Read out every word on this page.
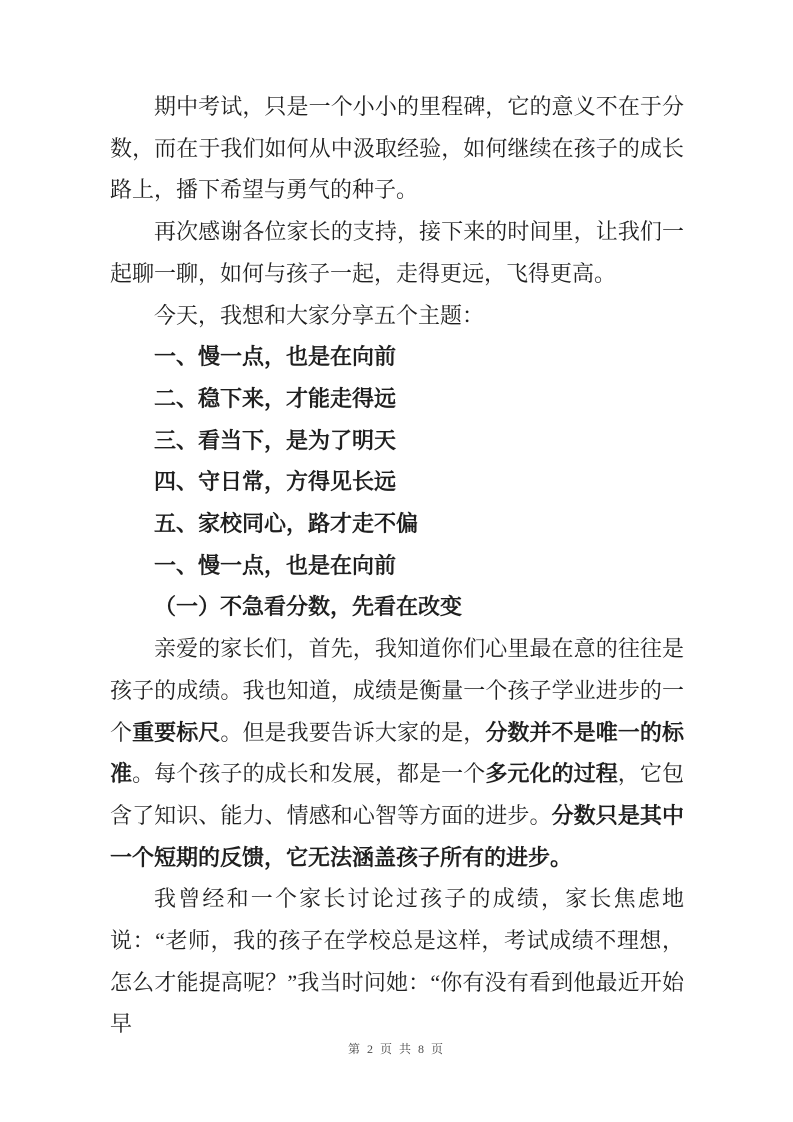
期中考试，只是一个小小的里程碑，它的意义不在于分数，而在于我们如何从中汲取经验，如何继续在孩子的成长路上，播下希望与勇气的种子。

再次感谢各位家长的支持，接下来的时间里，让我们一起聊一聊，如何与孩子一起，走得更远，飞得更高。

今天，我想和大家分享五个主题：

一、慢一点，也是在向前

二、稳下来，才能走得远

三、看当下，是为了明天

四、守日常，方得见长远

五、家校同心，路才走不偏

一、慢一点，也是在向前

（一）不急看分数，先看在改变

亲爱的家长们，首先，我知道你们心里最在意的往往是孩子的成绩。我也知道，成绩是衡量一个孩子学业进步的一个重要标尺。但是我要告诉大家的是，分数并不是唯一的标准。每个孩子的成长和发展，都是一个多元化的过程，它包含了知识、能力、情感和心智等方面的进步。分数只是其中一个短期的反馈，它无法涵盖孩子所有的进步。

我曾经和一个家长讨论过孩子的成绩，家长焦虑地说：“老师，我的孩子在学校总是这样，考试成绩不理想，怎么才能提高呢？”我当时问她：“你有没有看到他最近开始早

第 2 页 共 8 页
